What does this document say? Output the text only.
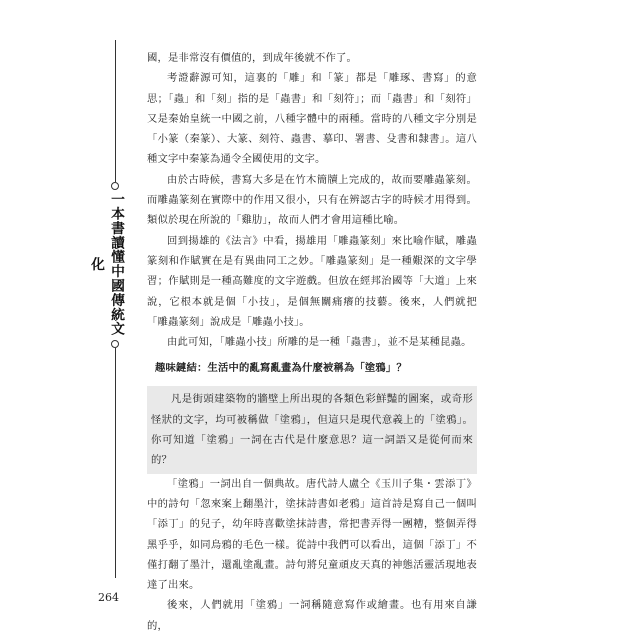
一本書讀懂中國傳統文化

國，是非常沒有價值的，到成年後就不作了。

考證辭源可知，這裏的「雕」和「篆」都是「雕琢、書寫」的意思；「蟲」和「刻」指的是「蟲書」和「刻符」；而「蟲書」和「刻符」又是秦始皇統一中國之前，八種字體中的兩種。當時的八種文字分別是「小篆（秦篆）、大篆、刻符、蟲書、摹印、署書、殳書和隸書」。這八種文字中秦篆為通令全國使用的文字。

由於古時候，書寫大多是在竹木簡牘上完成的，故而要雕蟲篆刻。而雕蟲篆刻在實際中的作用又很小，只有在辨認古字的時候才用得到。類似於現在所說的「雞肋」，故而人們才會用這種比喻。

回到揚雄的《法言》中看，揚雄用「雕蟲篆刻」來比喻作賦，雕蟲篆刻和作賦實在是有異曲同工之妙。「雕蟲篆刻」是一種艱深的文字學習；作賦則是一種高難度的文字遊戲。但放在經邦治國等「大道」上來說，它根本就是個「小技」，是個無關痛癢的技藝。後來，人們就把「雕蟲篆刻」說成是「雕蟲小技」。

由此可知，「雕蟲小技」所雕的是一種「蟲書」，並不是某種昆蟲。

趣味鏈結：生活中的亂寫亂畫為什麼被稱為「塗鴉」？

凡是街頭建築物的牆壁上所出現的各類色彩鮮豔的圖案，或奇形怪狀的文字，均可被稱做「塗鴉」，但這只是現代意義上的「塗鴉」。你可知道「塗鴉」一詞在古代是什麼意思？這一詞語又是從何而來的？

「塗鴉」一詞出自一個典故。唐代詩人盧仝《玉川子集・雲添丁》中的詩句「忽來案上翻墨汁，塗抹詩書如老鴉」這首詩是寫自己一個叫「添丁」的兒子，幼年時喜歡塗抹詩書，常把書弄得一團糟，整個弄得黑乎乎，如同烏鴉的毛色一樣。從詩中我們可以看出，這個「添丁」不僅打翻了墨汁，還亂塗亂畫。詩句將兒童頑皮天真的神態活靈活現地表達了出來。

後來，人們就用「塗鴉」一詞稱隨意寫作或繪畫。也有用來自謙的，

264
